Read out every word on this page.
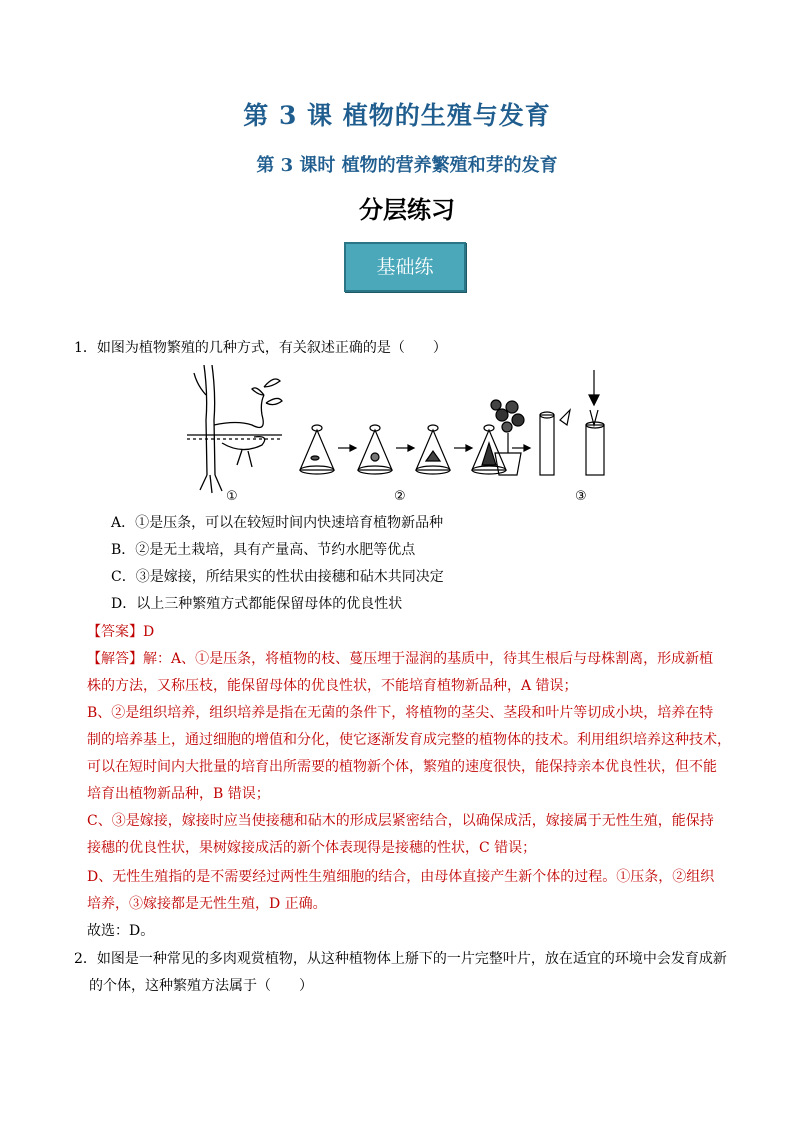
第 3 课 植物的生殖与发育
第 3 课时 植物的营养繁殖和芽的发育
分层练习
基础练
1．如图为植物繁殖的几种方式，有关叙述正确的是（　　）
①	②	③
A．①是压条，可以在较短时间内快速培育植物新品种
B．②是无土栽培，具有产量高、节约水肥等优点
C．③是嫁接，所结果实的性状由接穗和砧木共同决定
D．以上三种繁殖方式都能保留母体的优良性状
【答案】D
【解答】解：A、①是压条，将植物的枝、蔓压埋于湿润的基质中，待其生根后与母株割离，形成新植
株的方法，又称压枝，能保留母体的优良性状，不能培育植物新品种，A 错误；
B、②是组织培养，组织培养是指在无菌的条件下，将植物的茎尖、茎段和叶片等切成小块，培养在特
制的培养基上，通过细胞的增值和分化，使它逐渐发育成完整的植物体的技术。利用组织培养这种技术，
可以在短时间内大批量的培育出所需要的植物新个体，繁殖的速度很快，能保持亲本优良性状，但不能
培育出植物新品种，B 错误；
C、③是嫁接，嫁接时应当使接穗和砧木的形成层紧密结合，以确保成活，嫁接属于无性生殖，能保持
接穗的优良性状，果树嫁接成活的新个体表现得是接穗的性状，C 错误；
D、无性生殖指的是不需要经过两性生殖细胞的结合，由母体直接产生新个体的过程。①压条，②组织
培养，③嫁接都是无性生殖，D 正确。
故选：D。
2．如图是一种常见的多肉观赏植物，从这种植物体上掰下的一片完整叶片，放在适宜的环境中会发育成新
的个体，这种繁殖方法属于（　　）
